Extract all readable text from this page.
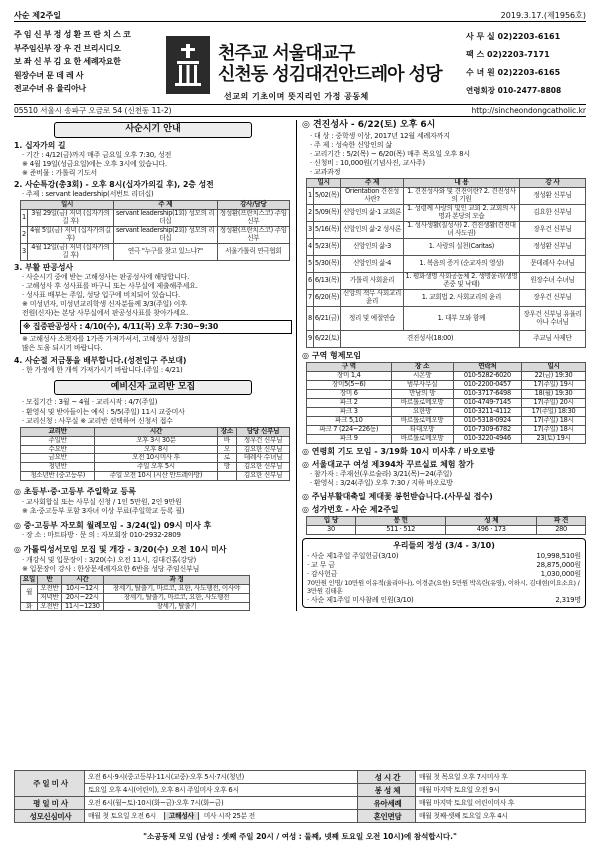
사순 제2주일	2019.3.17.(제1956호)
주 임 신 부 정 성 환 프 란 치 스 코
부주임신부 장 우 건 브리시디오
보 좌 신 부 김 요 한 세례자요한
원장수녀 문 데 레 사
전교수녀 유 율리아나
천주교 서울대교구
신천동 성김대건안드레아 성당
선교의 기초이며 뜻지리인 가정 공동체
사 무 실 02)2203-6161
팩 스 02)2203-7171
수 녀 원 02)2203-6165
연령회장 010-2477-8808
05510 서울시 송파구 오금로 54 (신천동 11-2)	http://sincheondongcatholic.kr
사순시기 안내
1. 십자가의 길
· 기간 : 4/12(금)까지 매주 금요일 오후 7:30, 성전
※ 4월 19일(성금요일)에는 오후 3시에 있습니다.
※ 준비물 : 가톨릭 기도서
2. 사순특강(총3회) - 오후 8시(십자가의길 후), 2층 성전
· 주제 : servant leadership(서번트 리더십)
일시		주 제	강사/담당
1	3월 29일(금) 저녁 (십자가의길 후)	servant leadership(1회) 성모의 리더십	정성환(프란치스코) 주임신부
2	4월 5일(금) 저녁 (십자가의길 후)	servant leadership(2회) 성모의 리더십	정성환(프란치스코) 주임신부
3	4월 12일(금) 저녁 (십자가의길 후)	연극 "누구를 찾고 있느냐?"	서울가톨릭 연극협회
3. 부활 판공성사
· 사순시기 중에 받는 고해성사는 판공성사에 해당합니다.
· 고해성사 후 성사표를 바구니 또는 사무실에 제출해주세요.
· 성사표 배부는 주일, 성당 입구에 비치되어 있습니다.
※ 미성년자, 미성년교리학생 신자분들께 3/3(주일) 이후
전원(신자)는 본당 사무실에서 판공성사표를 찾아가세요.
※ 집중판공성사 : 4/10(수), 4/11(목) 오후 7:30~9:30
※ 고해성사 소책자를 1가족 가져가셔서, 고해성사 성찰의
많은 도움 되시기 바랍니다.
4. 사순절 저금통을 배부합니다.(성전입구 주보대)
· 한 가정에 한 개씩 가져가시기 바랍니다.(주일 : 4/21)
예비신자 교리반 모집
· 모집기간 : 3월 ~ 4월 · 교리시작 : 4/7(주일)
· 환영식 및 받아들이는 예식 : 5/5(주일) 11시 교중미사
· 교리신청 : 사무실 ※ 교리반 선택하여 신청서 접수
교리반	시간	장소	담당 신부님
주일반	오후 3시 30분	바	정우건 신부님
수요반	오후 8시	오	김요한 신부님
금요반	오전 10시미사 후	로	데레사 수녀님
청년반	주일 오후 5시	방	김요한 신부님
청소년반 (중고등부)	주일 오전 10시 (시산 안드레아방)		김요한 신부님
◎ 초등부·중·고등부 주일학교 등록
· 교사회합실 또는 사무실 신청 / 1인 5만원, 2인 9만원
※ 초·중고등부 포함 3자녀 이상 무료(주일학교 등록 필)
◎ 중·고등부 자모회 월례모임 - 3/24(일) 09시 미사 후
· 장 소 : 마트타방 · 문 의 : 자모회장 010-2932-2809
◎ 가톨릭성서모임 모집 및 개강 - 3/20(수) 오전 10시 미사
· 개강식 및 입문장이 : 3/20(수) 오전 11시, 김대건홀(강당)
※ 입문장이 강사 : 한상문세례자요한 6반을 성당 주임신부님
요일	반	시간	과 정
월	오전반	10시~12시	창세기, 탈출기, 마르코, 요한, 사도행전, 이사야
	저녁반	20시~22시	창세기, 탈출기, 마르코, 요한, 사도행전
화	오전반	11시~1230	창세기, 탈출기
◎ 견진성사 - 6/22(토) 오후 6시
· 대 상 : 중학생 이상, 2017년 12월 세례자까지
· 주 제 : 성숙한 신앙인의 삶
· 교리기간 : 5/2(목) ~ 6/20(목) 매주 목요일 오후 8시
· 신청비 : 10,000원(기념사진, 교사주)
· 교과과정
일시		주 제	내 용	강 사
1	5/02(목)	Orientation 견진성사란?	1. 견진성사와 및 견진이란? 2. 견진성사의 기원	정성환 신부님
2	5/09(목)	신앙인의 삶-1 교회론	1. 성령께 사랑의 빛인 교회 2. 교회의 사명과 본당의 모습	김요한 신부님
3	5/16(목)	신앙인의 삶-2 성사론	1. 성사생활(칠성사) 2. 견진생활(견진대녀 사도권)	장우건 신부님
4	5/23(목)	신앙인의 삶-3	1. 사랑의 실천(Caritas)	정성환 신부님
5	5/30(목)	신앙인의 삶-4	1. 복음의 증거 (순교자의 영성)	문데레사 수녀님
6	6/13(목)	가톨릭 사회윤리	1. 평화생명 사회공동체 2. 생명윤리(생명존중 및 낙태)	원장수녀 수녀님
7	6/20(목)	신앙의 책무 사회교리 윤리	1. 교회법 2. 사회교리의 윤리	장우건 신부님
8	6/21(금)	정리 및 예절연습	1. 대부 모와 함께	장우건 신부님 유율리아나 수녀님
9	6/22(토)	견진성사(18:00)		주교님 사제단
◎ 구역 형제모임
구 역	장 소	연락처	일시
장미 1,4	시온방	010-5282-6020	22(금) 19:30
장미5(5~6)	범부사무실	010-2200-0457	17(주일) 19시
장미 6	만남의 방	010-3717-6498	18(월) 19:30
파크 2	바르톨로메오방	010-4749-7145	17(주일) 20시
파크 3	요한방	010-3211-4112	17(주일) 18:30
파크 5,10	바르톨로메오방	010-5318-0924	17(주일) 18시
파크 7 (224~226동)	타대오방	010-7309-6782	17(주일) 18시
파크 9	바르톨로메오방	010-3220-4946	23(토) 19시
◎ 연령회 기도 모임 - 3/19화 10시 미사후 / 바오로방
◎ 서울대교구 여성 제394차 꾸르실료 체험 참가
· 참가자 : 주재선(우르술라) 3/21(목)~24(주일)
· 환영식 : 3/24(주일) 오후 7:30 / 지하 바오로방
◎ 주님부활대축일 제대꽃 봉헌받습니다.(사무실 접수)
◎ 성가번호 - 사순 제2주일
입 당	봉 헌	성 체	파 견
30	511 · 512	496 · 173	280
우리들의 정성 (3/4 - 3/10)
· 사순 제1주일 주일헌금(3/10)	10,998,510원
· 교 무 금	28,875,000원
· 감사헌금	1,030,000원
70만원 인명/ 10만원 이유적(율리아나), 이경준(요한) 5만원 박옥란(유영), 이하시, 김대현(이요소요) / 3만원 김태훈
· 사순 제1주일 미사참례 인원(3/10)	2,319명
주 일 미 사	오전 6시·9시(중고등부)·11시(교중)·오후 5시·7시(청년)	성 시 간	매월 첫 목요일 오후 7시미사 후
	토요일 오후 4시(어린이), 오후 8시 주일미사 오후 6시	봉 성 체	매월 마지막 토요일 오전 9시
평 일 미 사	오전 6시(월~토)·10시(화~금)·오후 7시(화~금)	유아세례	매월 마지막 토요일 어린이미사 후
성모신심미사	매월 첫 토요일 오전 6시 고해성사 미사 시작 25분 전	혼인면담	매월 첫째·셋째 토요일 오후 4시
"소공동체 모임 (남성 : 셋째 주일 20시 / 여성 : 둘째, 넷째 토요일 오전 10시)에 참석합시다."
